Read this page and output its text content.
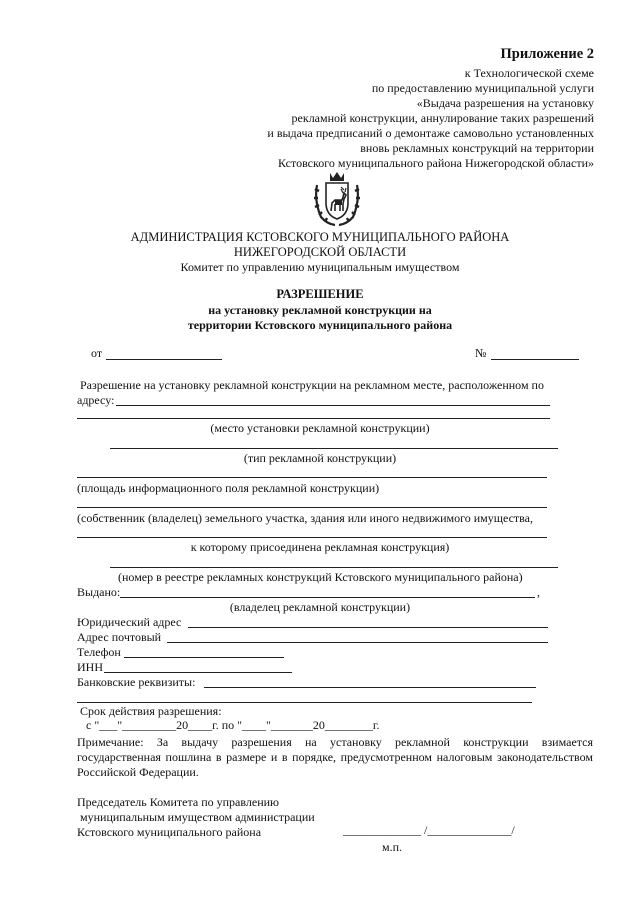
Приложение 2
к Технологической схеме
по предоставлению муниципальной услуги
«Выдача разрешения на установку
рекламной конструкции, аннулирование таких разрешений
и выдача предписаний о демонтаже самовольно установленных
вновь рекламных конструкций на территории
Кстовского муниципального района Нижегородской области»
АДМИНИСТРАЦИЯ КСТОВСКОГО МУНИЦИПАЛЬНОГО РАЙОНА
НИЖЕГОРОДСКОЙ ОБЛАСТИ
Комитет по управлению муниципальным имуществом
РАЗРЕШЕНИЕ
на установку рекламной конструкции на
территории Кстовского муниципального района
от	№
Разрешение на установку рекламной конструкции на рекламном месте, расположенном по
адресу:
(место установки рекламной конструкции)
(тип рекламной конструкции)
(площадь информационного поля рекламной конструкции)
(собственник (владелец) земельного участка, здания или иного недвижимого имущества,
к которому присоединена рекламная конструкция)
(номер в реестре рекламных конструкций Кстовского муниципального района)
Выдано:	,
(владелец рекламной конструкции)
Юридический адрес
Адрес почтовый
Телефон
ИНН
Банковские реквизиты:
Срок действия разрешения:
с "___"_________20____г. по "____"_______20________г.
Примечание: За выдачу разрешения на установку рекламной конструкции взимается государственная пошлина в размере и в порядке, предусмотренном налоговым законодательством Российской Федерации.
Председатель Комитета по управлению
муниципальным имуществом администрации
Кстовского муниципального района	_____________ /______________/
м.п.
